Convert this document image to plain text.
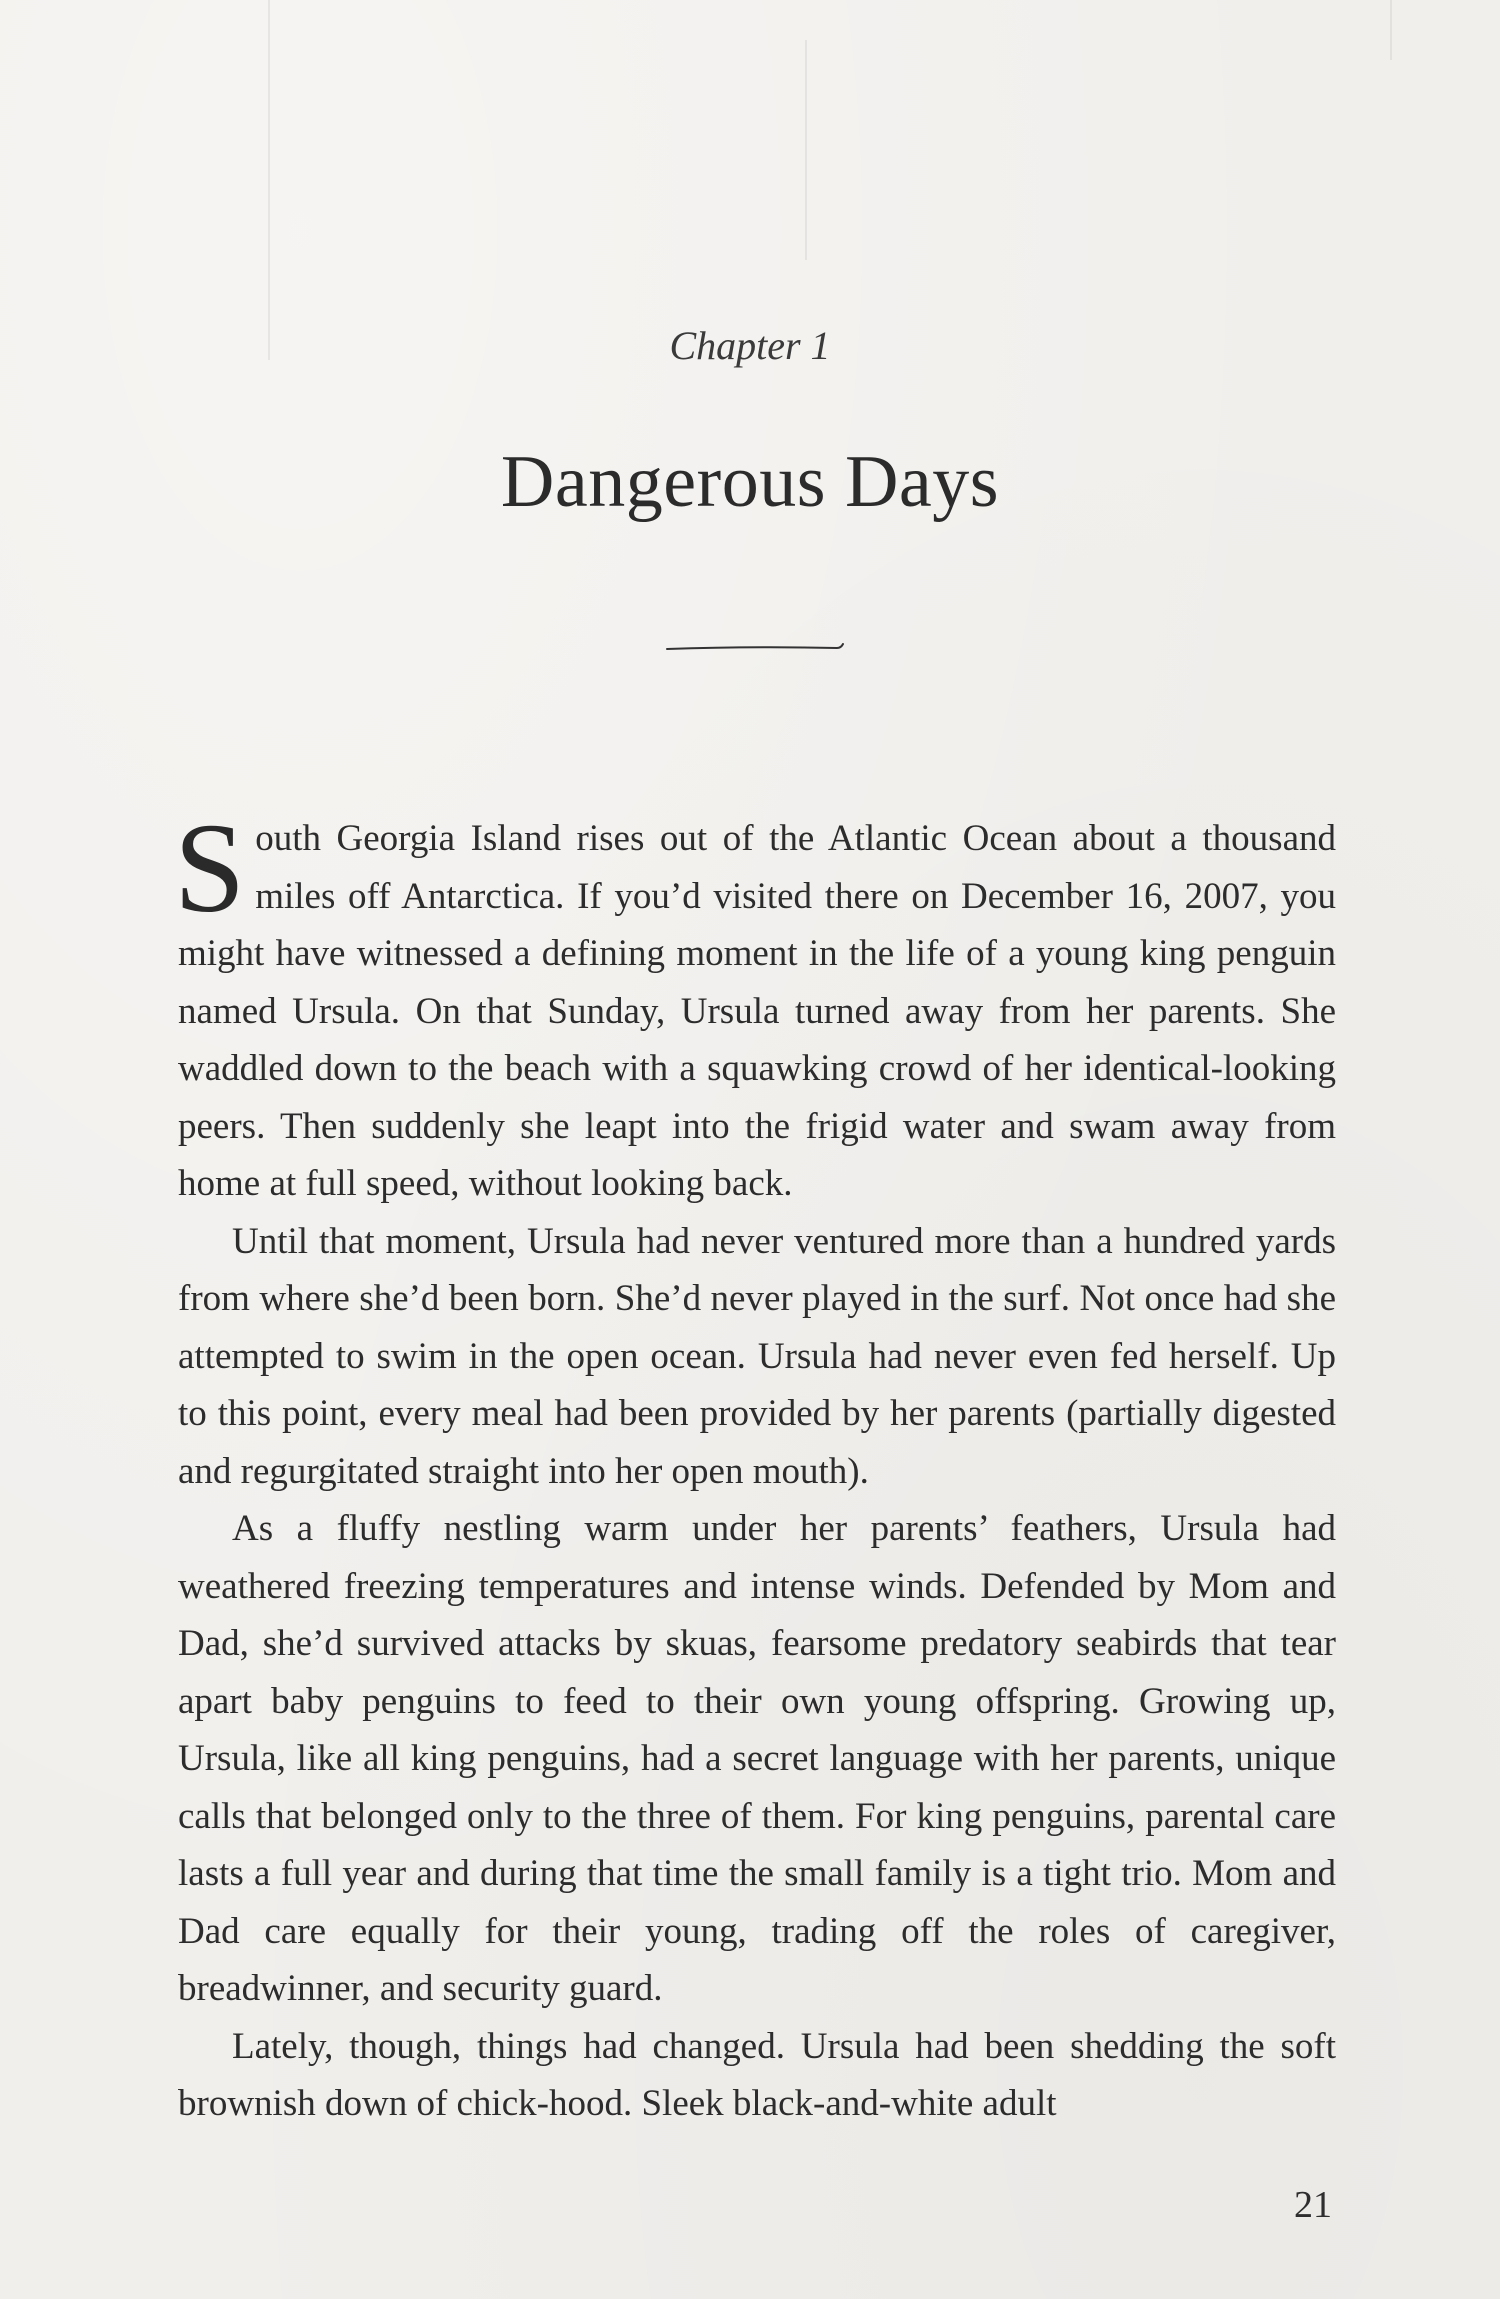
Chapter 1
Dangerous Days

South Georgia Island rises out of the Atlantic Ocean about a thousand miles off Antarctica. If you’d visited there on December 16, 2007, you might have witnessed a defining moment in the life of a young king penguin named Ursula. On that Sunday, Ursula turned away from her parents. She waddled down to the beach with a squawking crowd of her identical-looking peers. Then suddenly she leapt into the frigid water and swam away from home at full speed, without looking back.

Until that moment, Ursula had never ventured more than a hundred yards from where she’d been born. She’d never played in the surf. Not once had she attempted to swim in the open ocean. Ursula had never even fed herself. Up to this point, every meal had been provided by her parents (partially digested and regurgitated straight into her open mouth).

As a fluffy nestling warm under her parents’ feathers, Ursula had weathered freezing temperatures and intense winds. Defended by Mom and Dad, she’d survived attacks by skuas, fearsome predatory seabirds that tear apart baby penguins to feed to their own young offspring. Growing up, Ursula, like all king penguins, had a secret language with her parents, unique calls that belonged only to the three of them. For king penguins, parental care lasts a full year and during that time the small family is a tight trio. Mom and Dad care equally for their young, trading off the roles of caregiver, breadwinner, and security guard.

Lately, though, things had changed. Ursula had been shedding the soft brownish down of chick-hood. Sleek black-and-white adult

21
